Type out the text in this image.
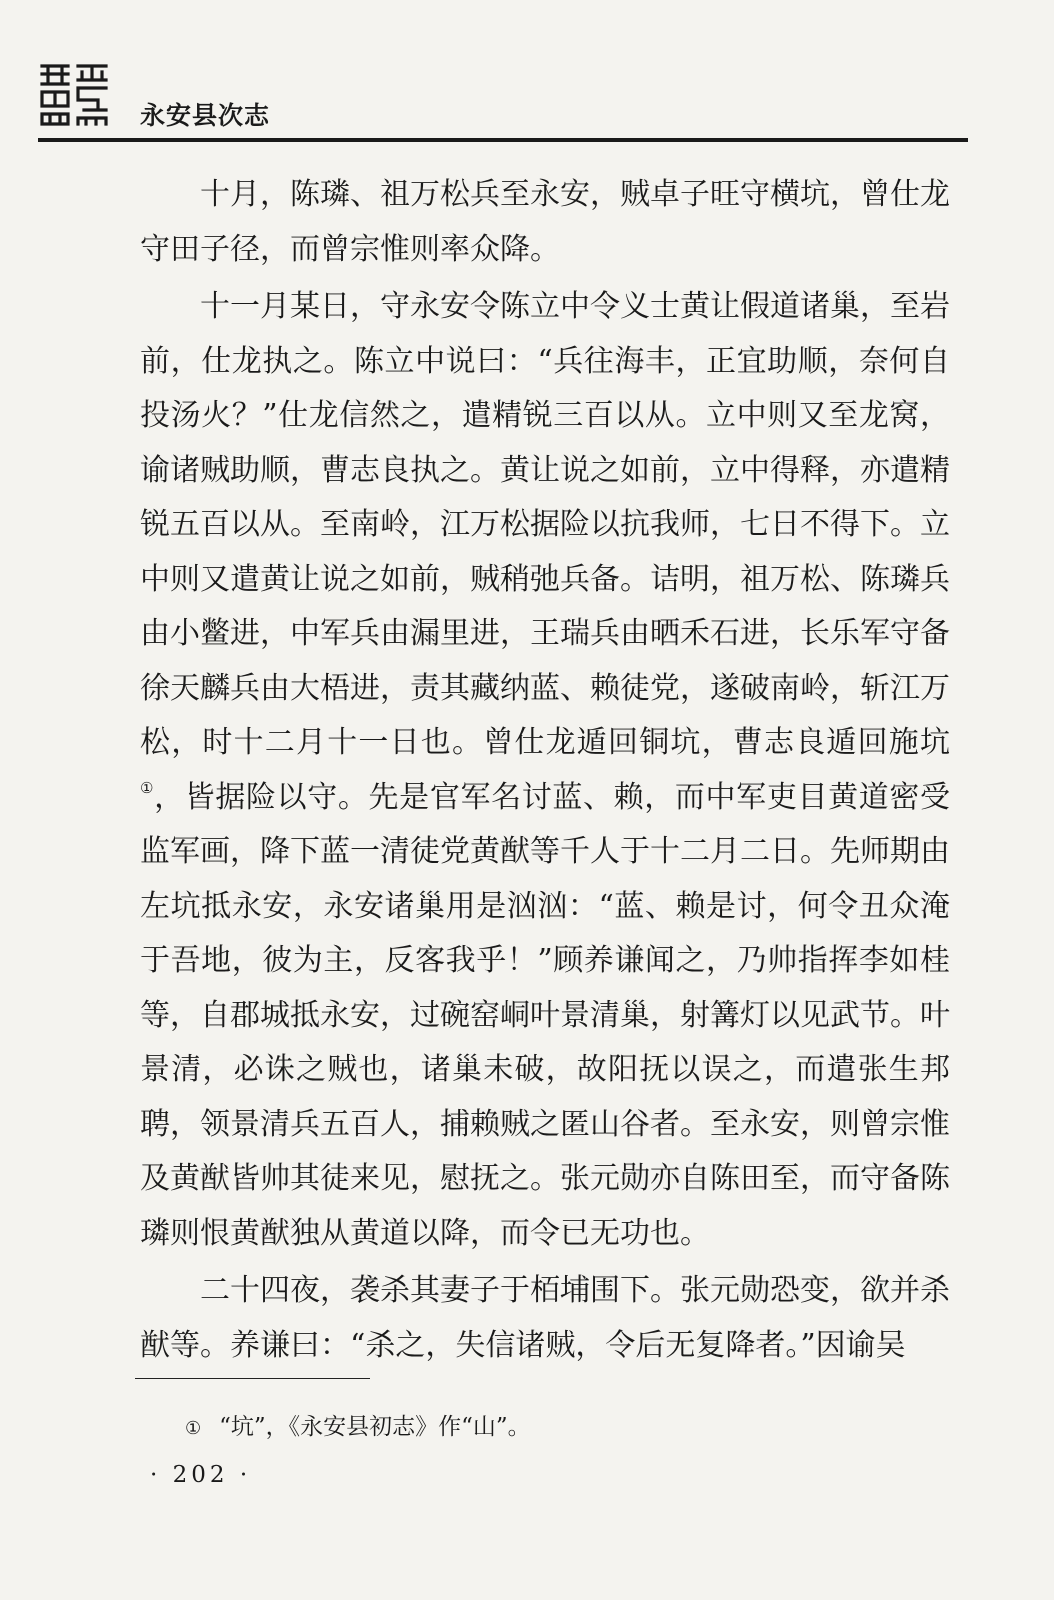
永安县次志

十月，陈璘、祖万松兵至永安，贼卓子旺守横坑，曾仕龙守田子径，而曾宗惟则率众降。

十一月某日，守永安令陈立中令义士黄让假道诸巢，至岩前，仕龙执之。陈立中说曰：“兵往海丰，正宜助顺，奈何自投汤火？”仕龙信然之，遣精锐三百以从。立中则又至龙窝，谕诸贼助顺，曹志良执之。黄让说之如前，立中得释，亦遣精锐五百以从。至南岭，江万松据险以抗我师，七日不得下。立中则又遣黄让说之如前，贼稍弛兵备。诘明，祖万松、陈璘兵由小鳖进，中军兵由漏里进，王瑞兵由晒禾石进，长乐军守备徐天麟兵由大梧进，责其藏纳蓝、赖徒党，遂破南岭，斩江万松，时十二月十一日也。曾仕龙遁回铜坑，曹志良遁回施坑①，皆据险以守。先是官军名讨蓝、赖，而中军吏目黄道密受监军画，降下蓝一清徒党黄猷等千人于十二月二日。先师期由左坑抵永安，永安诸巢用是汹汹：“蓝、赖是讨，何令丑众淹于吾地，彼为主，反客我乎！”顾养谦闻之，乃帅指挥李如桂等，自郡城抵永安，过碗窑峒叶景清巢，射篝灯以见武节。叶景清，必诛之贼也，诸巢未破，故阳抚以误之，而遣张生邦聘，领景清兵五百人，捕赖贼之匿山谷者。至永安，则曾宗惟及黄猷皆帅其徒来见，慰抚之。张元勋亦自陈田至，而守备陈璘则恨黄猷独从黄道以降，而令已无功也。

二十四夜，袭杀其妻子于栢埔围下。张元勋恐变，欲并杀猷等。养谦曰：“杀之，失信诸贼，令后无复降者。”因谕吴

① “坑”，《永安县初志》作“山”。
· 202 ·
